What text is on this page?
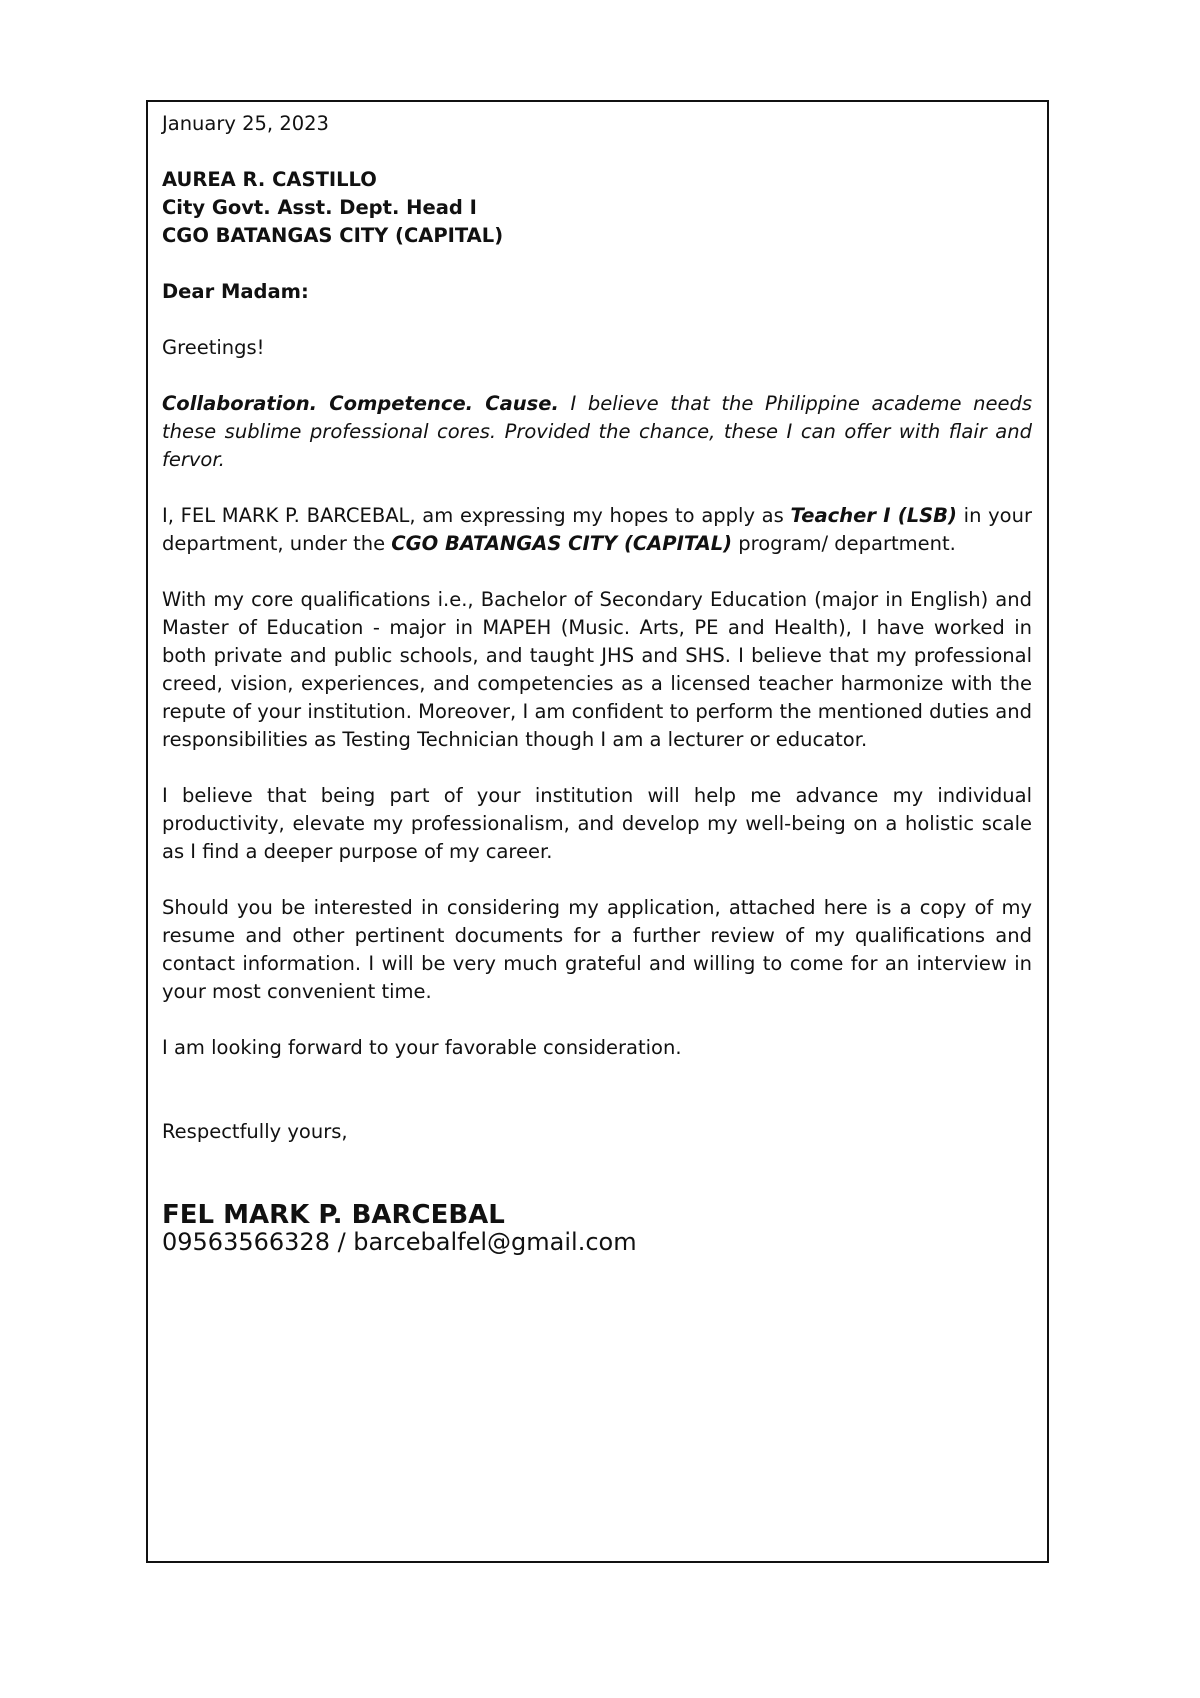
January 25, 2023

AUREA R. CASTILLO

City Govt. Asst. Dept. Head I

CGO BATANGAS CITY (CAPITAL)

Dear Madam:

Greetings!

Collaboration. Competence. Cause. I believe that the Philippine academe needs these sublime professional cores. Provided the chance, these I can offer with flair and fervor.

I, FEL MARK P. BARCEBAL, am expressing my hopes to apply as Teacher I (LSB) in your department, under the CGO BATANGAS CITY (CAPITAL) program/ department.

With my core qualifications i.e., Bachelor of Secondary Education (major in English) and Master of Education - major in MAPEH (Music. Arts, PE and Health), I have worked in both private and public schools, and taught JHS and SHS. I believe that my professional creed, vision, experiences, and competencies as a licensed teacher harmonize with the repute of your institution. Moreover, I am confident to perform the mentioned duties and responsibilities as Testing Technician though I am a lecturer or educator.

I believe that being part of your institution will help me advance my individual productivity, elevate my professionalism, and develop my well-being on a holistic scale as I find a deeper purpose of my career.

Should you be interested in considering my application, attached here is a copy of my resume and other pertinent documents for a further review of my qualifications and contact information. I will be very much grateful and willing to come for an interview in your most convenient time.

I am looking forward to your favorable consideration.

Respectfully yours,

FEL MARK P. BARCEBAL

09563566328 / barcebalfel@gmail.com
